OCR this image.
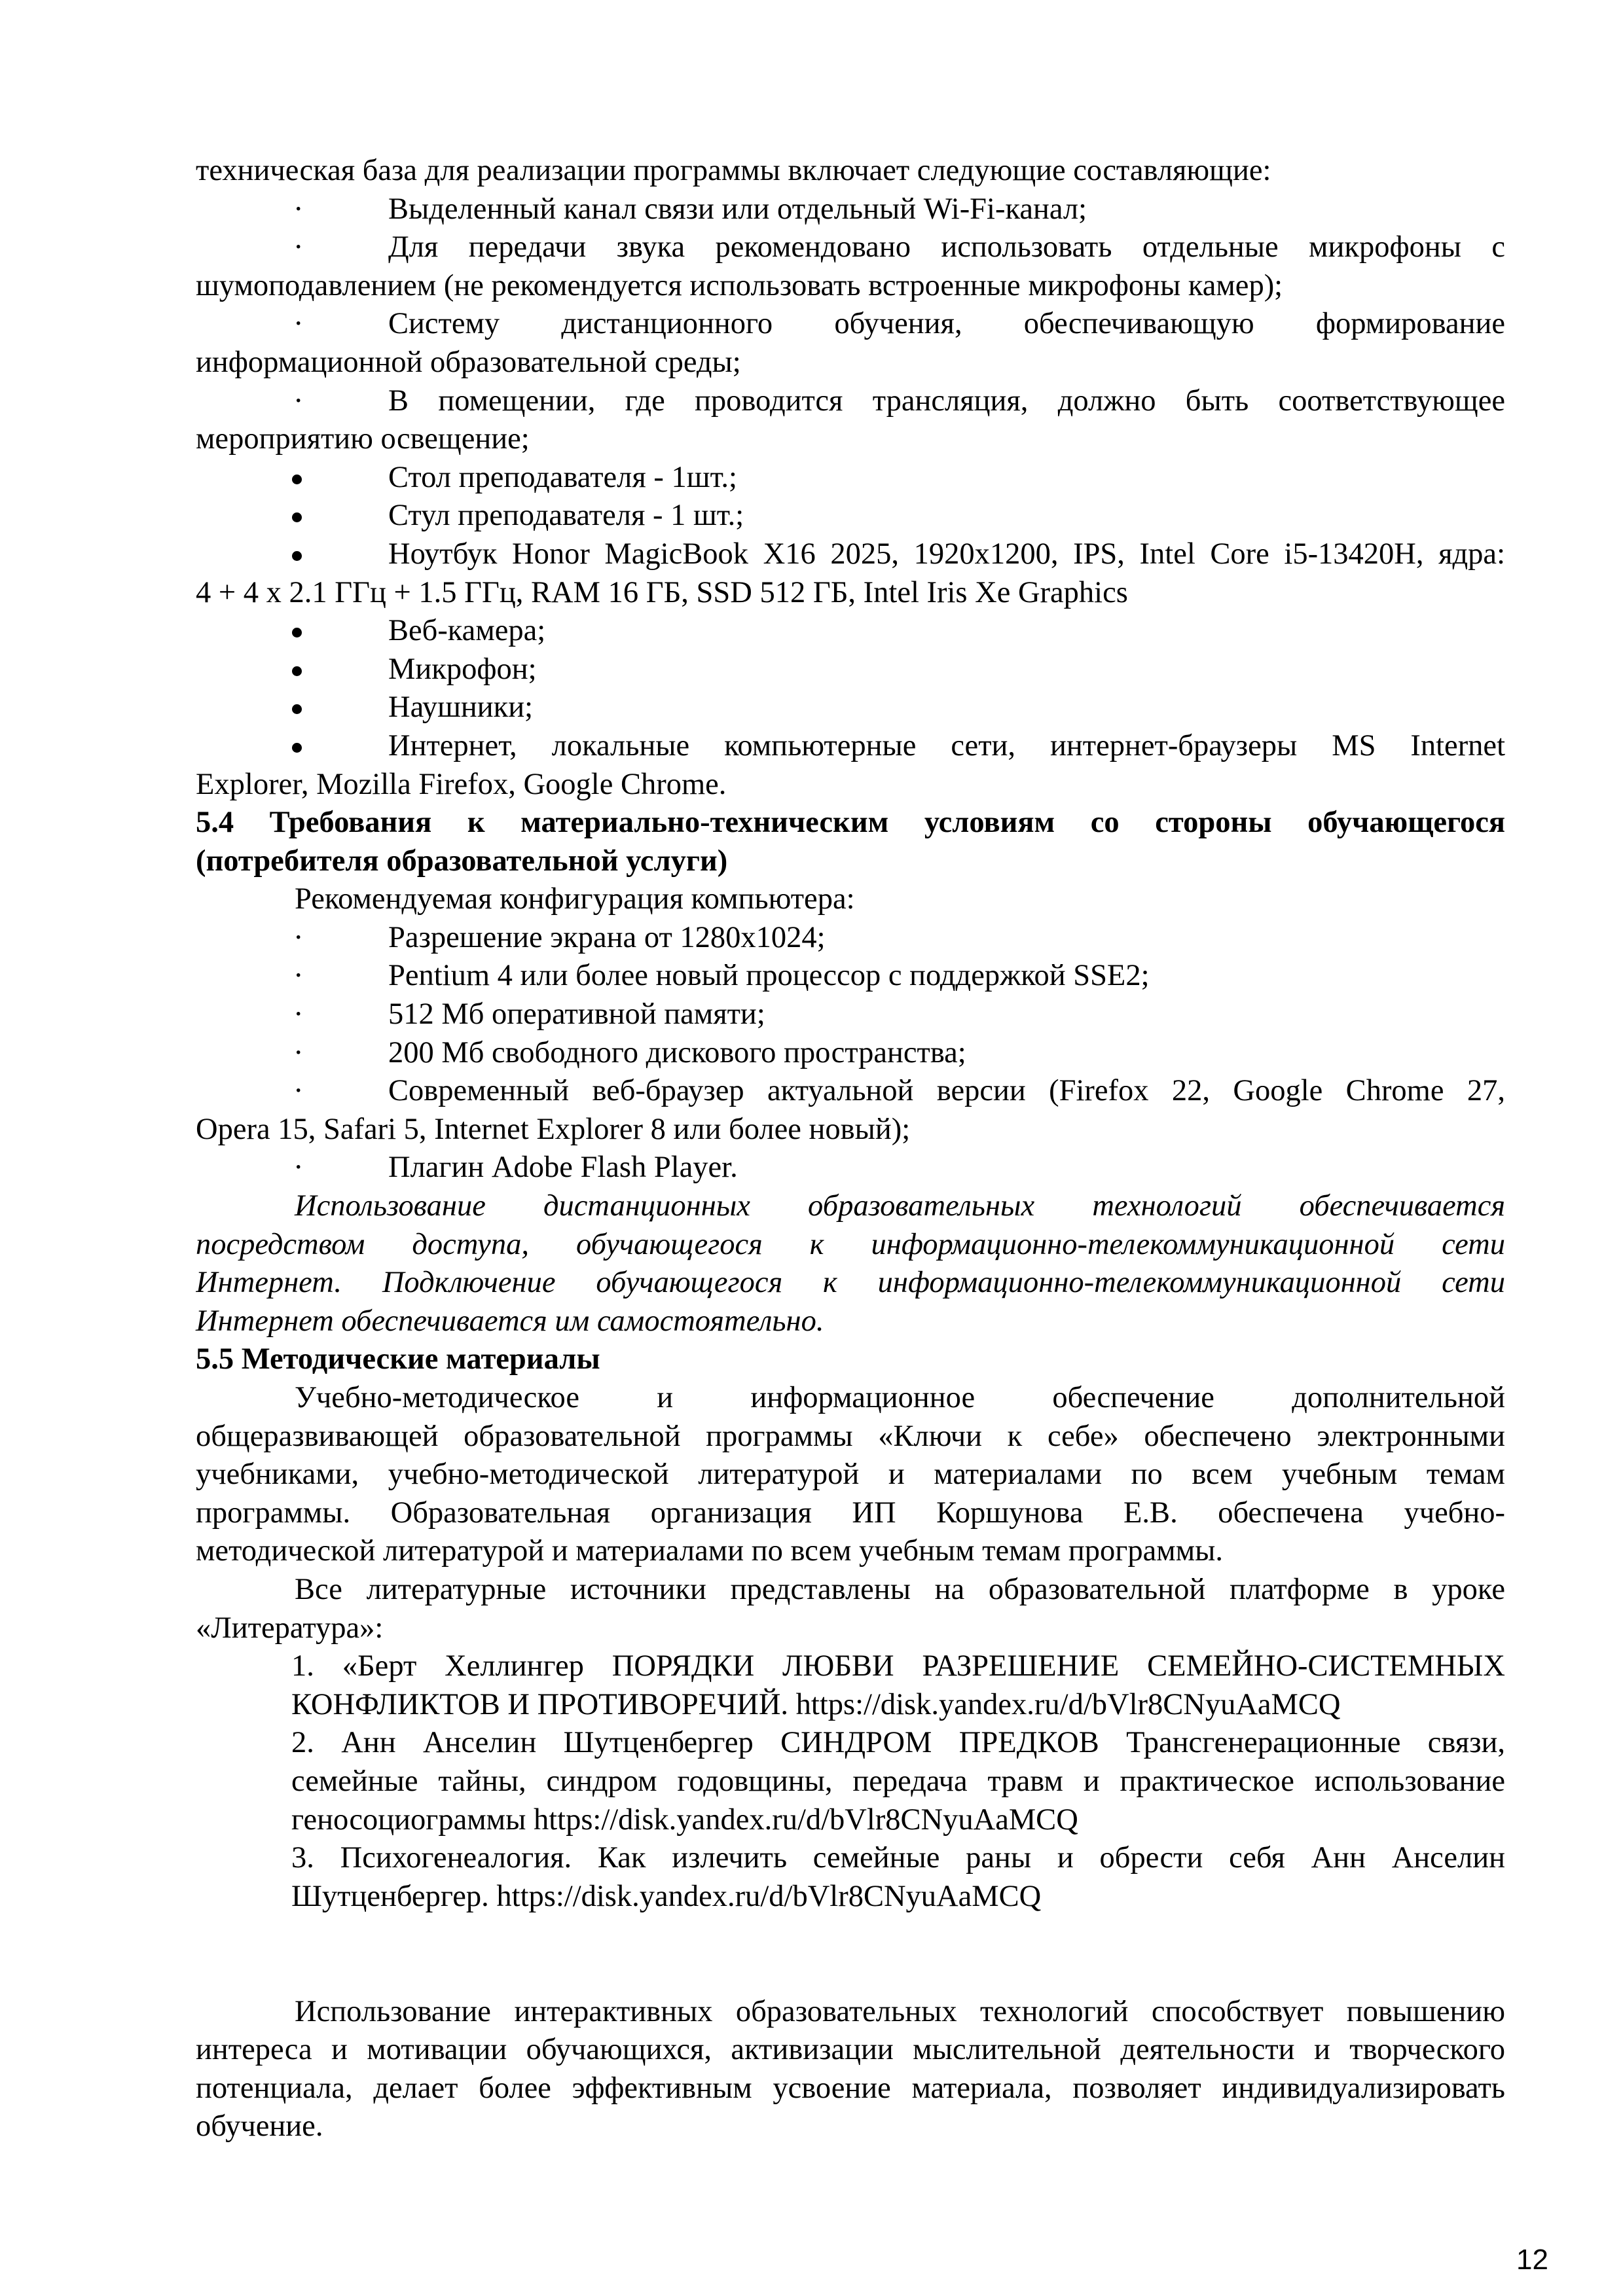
техническая база для реализации программы включает следующие составляющие:
·	Выделенный канал связи или отдельный Wi-Fi-канал;
·	Для передачи звука рекомендовано использовать отдельные микрофоны с
шумоподавлением (не рекомендуется использовать встроенные микрофоны камер);
·	Систему дистанционного обучения, обеспечивающую формирование
информационной образовательной среды;
·	В помещении, где проводится трансляция, должно быть соответствующее
мероприятию освещение;
Стол преподавателя - 1шт.;
Стул преподавателя - 1 шт.;
Ноутбук Honor MagicBook X16 2025, 1920x1200, IPS, Intel Core i5-13420H, ядра:
4 + 4 x 2.1 ГГц + 1.5 ГГц, RAM 16 ГБ, SSD 512 ГБ, Intel Iris Xe Graphics
Веб-камера;
Микрофон;
Наушники;
Интернет, локальные компьютерные сети, интернет-браузеры MS Internet
Explorer, Mozilla Firefox, Google Chrome.
5.4 Требования к материально-техническим условиям со стороны обучающегося
(потребителя образовательной услуги)
Рекомендуемая конфигурация компьютера:
·	Разрешение экрана от 1280x1024;
·	Pentium 4 или более новый процессор с поддержкой SSE2;
·	512 Мб оперативной памяти;
·	200 Мб свободного дискового пространства;
·	Современный веб-браузер актуальной версии (Firefox 22, Google Chrome 27,
Opera 15, Safari 5, Internet Explorer 8 или более новый);
·	Плагин Adobe Flash Player.
Использование дистанционных образовательных технологий обеспечивается
посредством доступа, обучающегося к информационно-телекоммуникационной сети
Интернет. Подключение обучающегося к информационно-телекоммуникационной сети
Интернет обеспечивается им самостоятельно.
5.5 Методические материалы
Учебно-методическое и информационное обеспечение дополнительной
общеразвивающей образовательной программы «Ключи к себе» обеспечено электронными
учебниками, учебно-методической литературой и материалами по всем учебным темам
программы. Образовательная организация ИП Коршунова Е.В. обеспечена учебно-
методической литературой и материалами по всем учебным темам программы.
Все литературные источники представлены на образовательной платформе в уроке
«Литература»:
1. «Берт Хеллингер ПОРЯДКИ ЛЮБВИ РАЗРЕШЕНИЕ СЕМЕЙНО-СИСТЕМНЫХ
КОНФЛИКТОВ И ПРОТИВОРЕЧИЙ. https://disk.yandex.ru/d/bVlr8CNyuAaMCQ
2. Анн Анселин Шутценбергер СИНДРОМ ПРЕДКОВ Трансгенерационные связи,
семейные тайны, синдром годовщины, передача травм и практическое использование
геносоциограммы https://disk.yandex.ru/d/bVlr8CNyuAaMCQ
3. Психогенеалогия. Как излечить семейные раны и обрести себя Анн Анселин
Шутценбергер. https://disk.yandex.ru/d/bVlr8CNyuAaMCQ
Использование интерактивных образовательных технологий способствует повышению
интереса и мотивации обучающихся, активизации мыслительной деятельности и творческого
потенциала, делает более эффективным усвоение материала, позволяет индивидуализировать
обучение.
12
